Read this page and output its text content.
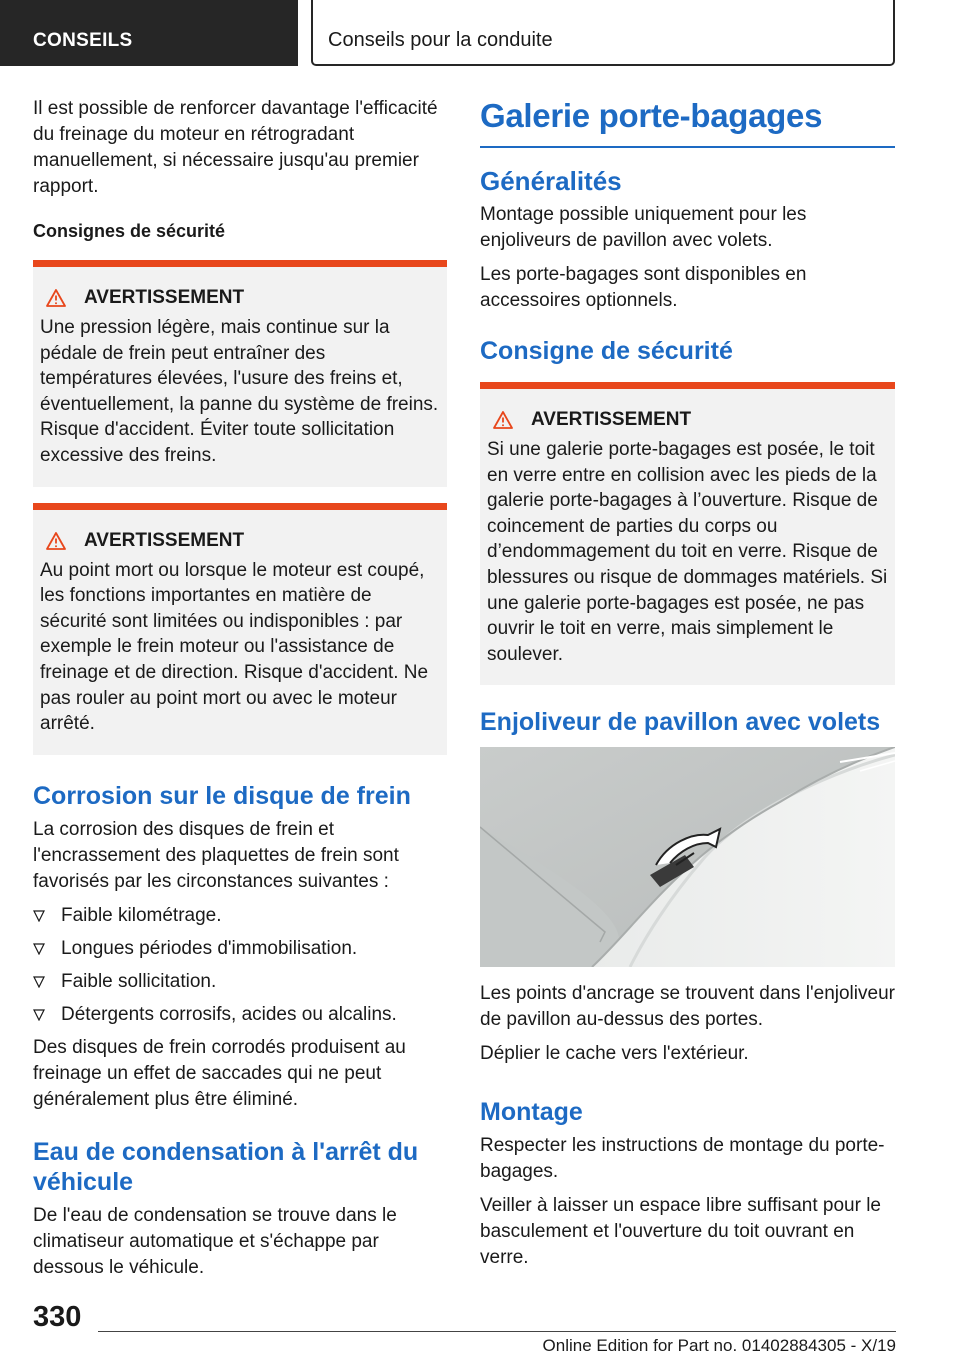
CONSEILS	Conseils pour la conduite

Il est possible de renforcer davantage l'efficacité du freinage du moteur en rétrogradant manuellement, si nécessaire jusqu'au premier rapport.

Consignes de sécurité
AVERTISSEMENT
Une pression légère, mais continue sur la pédale de frein peut entraîner des températures élevées, l'usure des freins et, éventuellement, la panne du système de freins. Risque d'accident. Éviter toute sollicitation excessive des freins.
AVERTISSEMENT
Au point mort ou lorsque le moteur est coupé, les fonctions importantes en matière de sécurité sont limitées ou indisponibles : par exemple le frein moteur ou l'assistance de freinage et de direction. Risque d'accident. Ne pas rouler au point mort ou avec le moteur arrêté.
Corrosion sur le disque de frein

La corrosion des disques de frein et l'encrassement des plaquettes de frein sont favorisés par les circonstances suivantes :

Faible kilométrage.
Longues périodes d'immobilisation.
Faible sollicitation.
Détergents corrosifs, acides ou alcalins.

Des disques de frein corrodés produisent au freinage un effet de saccades qui ne peut généralement plus être éliminé.

Eau de condensation à l'arrêt du véhicule

De l'eau de condensation se trouve dans le climatiseur automatique et s'échappe par dessous le véhicule.

Galerie porte-bagages
Généralités

Montage possible uniquement pour les enjoliveurs de pavillon avec volets.

Les porte-bagages sont disponibles en accessoires optionnels.

Consigne de sécurité
AVERTISSEMENT
Si une galerie porte-bagages est posée, le toit en verre entre en collision avec les pieds de la galerie porte-bagages à l’ouverture. Risque de coincement de parties du corps ou d’endommagement du toit en verre. Risque de blessures ou risque de dommages matériels. Si une galerie porte-bagages est posée, ne pas ouvrir le toit en verre, mais simplement le soulever.
Enjoliveur de pavillon avec volets

Les points d'ancrage se trouvent dans l'enjoliveur de pavillon au-dessus des portes.

Déplier le cache vers l'extérieur.

Montage

Respecter les instructions de montage du porte-bagages.

Veiller à laisser un espace libre suffisant pour le basculement et l'ouverture du toit ouvrant en verre.

330
Online Edition for Part no. 01402884305 - X/19
